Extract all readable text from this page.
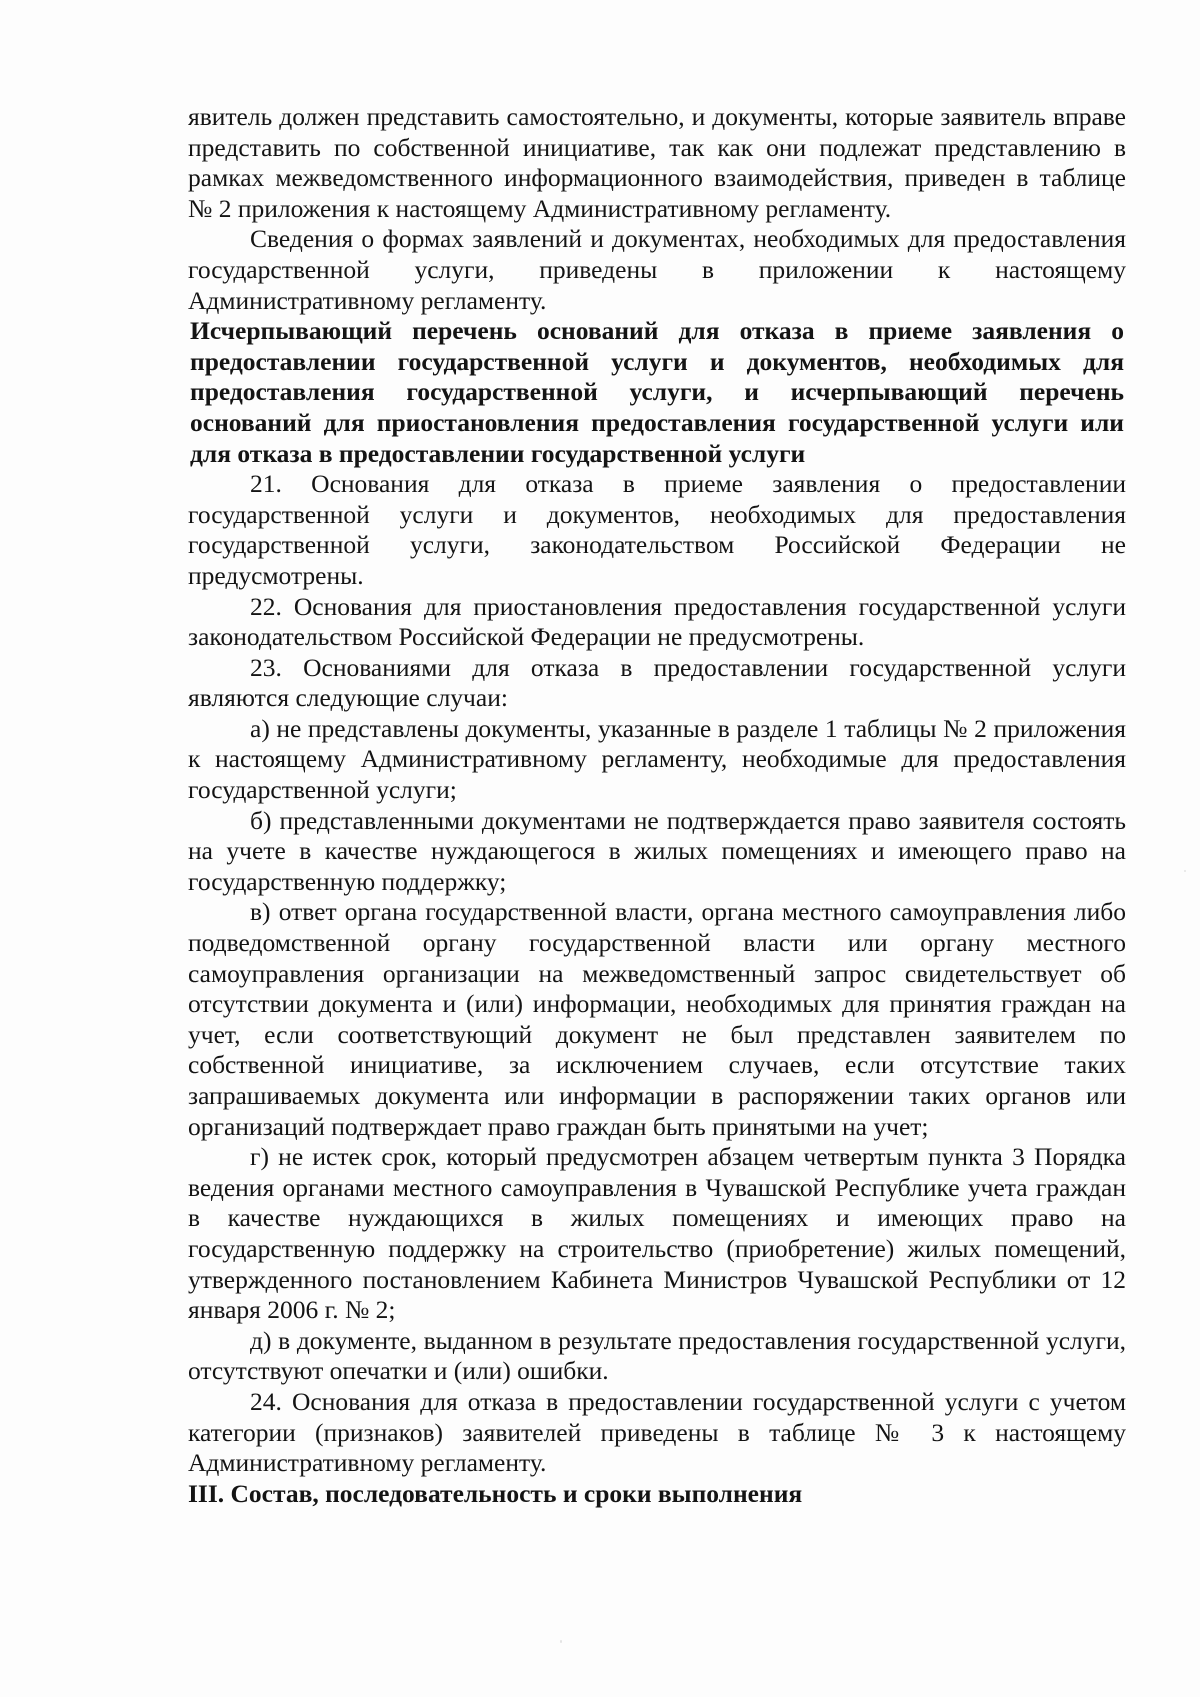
явитель должен представить самостоятельно, и документы, которые заявитель вправе представить по собственной инициативе, так как они подлежат представлению в рамках межведомственного информационного взаимодействия, приведен в таблице № 2 приложения к настоящему Административному регламенту.

Сведения о формах заявлений и документах, необходимых для предоставления государственной услуги, приведены в приложении к настоящему Административному регламенту.

Исчерпывающий перечень оснований для отказа в приеме заявления о предоставлении государственной услуги и документов, необходимых для предоставления государственной услуги, и исчерпывающий перечень оснований для приостановления предоставления государственной услуги или для отказа в предоставлении государственной услуги

21. Основания для отказа в приеме заявления о предоставлении государственной услуги и документов, необходимых для предоставления государственной услуги, законодательством Российской Федерации не предусмотрены.

22. Основания для приостановления предоставления государственной услуги законодательством Российской Федерации не предусмотрены.

23. Основаниями для отказа в предоставлении государственной услуги являются следующие случаи:

а) не представлены документы, указанные в разделе 1 таблицы № 2 приложения к настоящему Административному регламенту, необходимые для предоставления государственной услуги;

б) представленными документами не подтверждается право заявителя состоять на учете в качестве нуждающегося в жилых помещениях и имеющего право на государственную поддержку;

в) ответ органа государственной власти, органа местного самоуправления либо подведомственной органу государственной власти или органу местного самоуправления организации на межведомственный запрос свидетельствует об отсутствии документа и (или) информации, необходимых для принятия граждан на учет, если соответствующий документ не был представлен заявителем по собственной инициативе, за исключением случаев, если отсутствие таких запрашиваемых документа или информации в распоряжении таких органов или организаций подтверждает право граждан быть принятыми на учет;

г) не истек срок, который предусмотрен абзацем четвертым пункта 3 Порядка ведения органами местного самоуправления в Чувашской Республике учета граждан в качестве нуждающихся в жилых помещениях и имеющих право на государственную поддержку на строительство (приобретение) жилых помещений, утвержденного постановлением Кабинета Министров Чувашской Республики от 12 января 2006 г. № 2;

д) в документе, выданном в результате предоставления государственной услуги, отсутствуют опечатки и (или) ошибки.

24. Основания для отказа в предоставлении государственной услуги с учетом категории (признаков) заявителей приведены в таблице № 3 к настоящему Административному регламенту.

III. Состав, последовательность и сроки выполнения
